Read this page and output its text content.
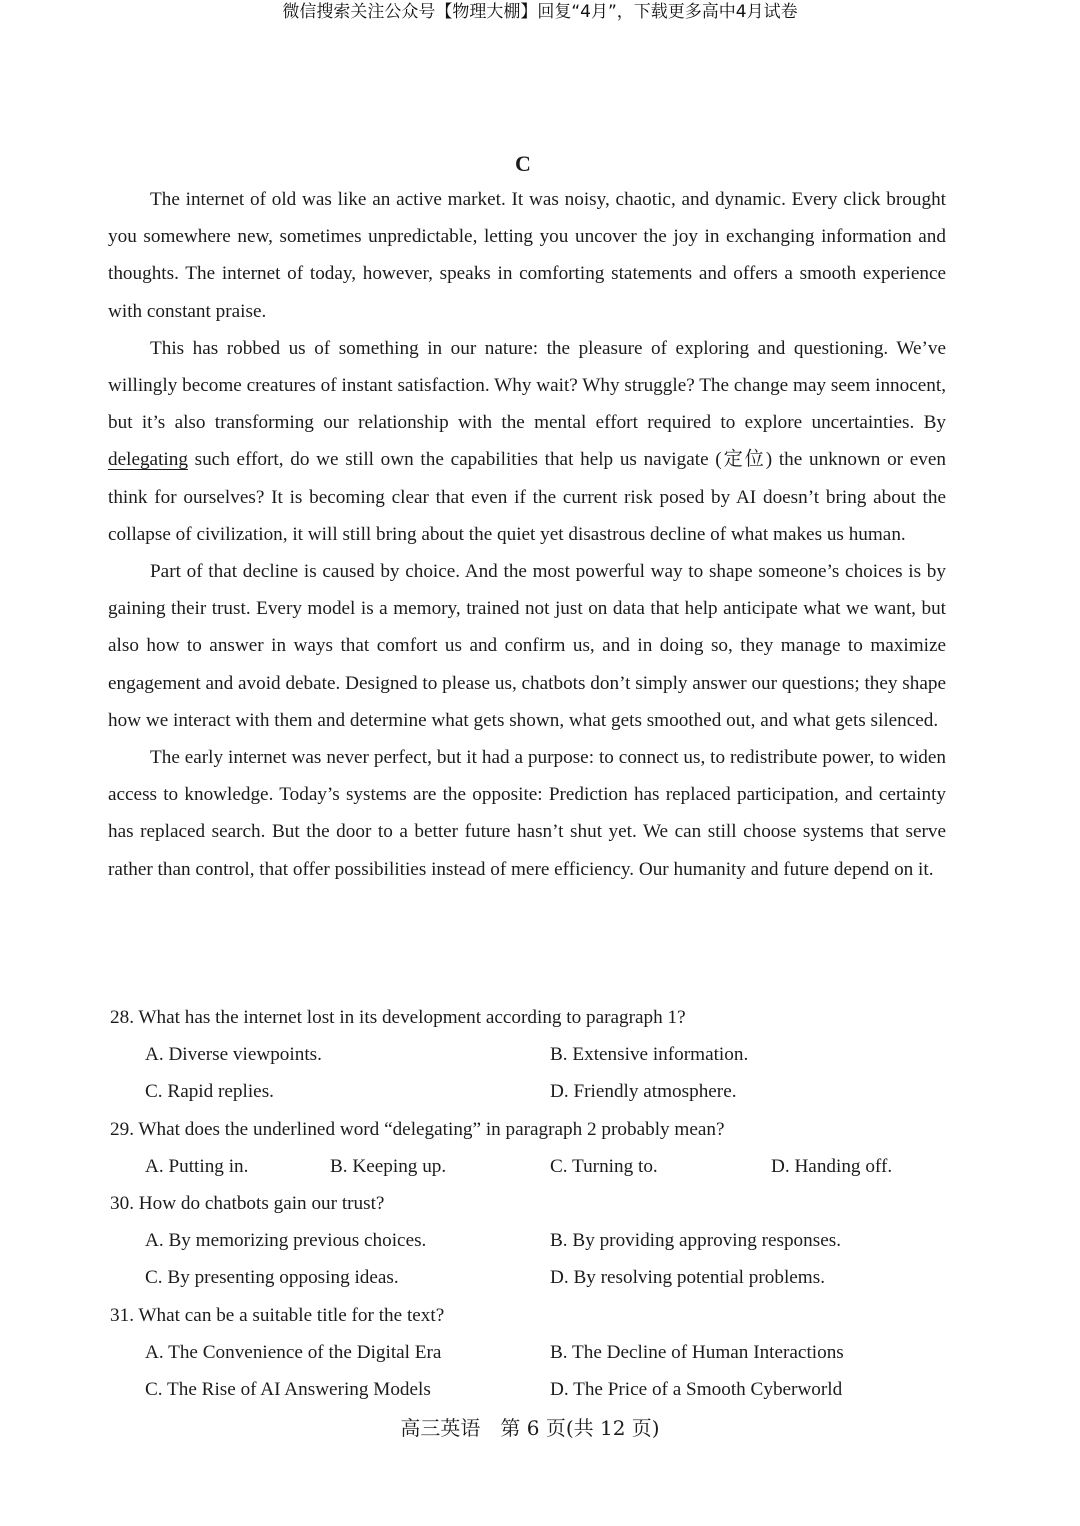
微信搜索关注公众号【物理大棚】回复“4月”，下载更多高中4月试卷
C

The internet of old was like an active market. It was noisy, chaotic, and dynamic. Every click brought you somewhere new, sometimes unpredictable, letting you uncover the joy in exchanging information and thoughts. The internet of today, however, speaks in comforting statements and offers a smooth experience with constant praise.

This has robbed us of something in our nature: the pleasure of exploring and questioning. We’ve willingly become creatures of instant satisfaction. Why wait? Why struggle? The change may seem innocent, but it’s also transforming our relationship with the mental effort required to explore uncertainties. By delegating such effort, do we still own the capabilities that help us navigate (定位) the unknown or even think for ourselves? It is becoming clear that even if the current risk posed by AI doesn’t bring about the collapse of civilization, it will still bring about the quiet yet disastrous decline of what makes us human.

Part of that decline is caused by choice. And the most powerful way to shape someone’s choices is by gaining their trust. Every model is a memory, trained not just on data that help anticipate what we want, but also how to answer in ways that comfort us and confirm us, and in doing so, they manage to maximize engagement and avoid debate. Designed to please us, chatbots don’t simply answer our questions; they shape how we interact with them and determine what gets shown, what gets smoothed out, and what gets silenced.

The early internet was never perfect, but it had a purpose: to connect us, to redistribute power, to widen access to knowledge. Today’s systems are the opposite: Prediction has replaced participation, and certainty has replaced search. But the door to a better future hasn’t shut yet. We can still choose systems that serve rather than control, that offer possibilities instead of mere efficiency. Our humanity and future depend on it.

28. What has the internet lost in its development according to paragraph 1?
A. Diverse viewpoints.	B. Extensive information.
C. Rapid replies.	D. Friendly atmosphere.
29. What does the underlined word “delegating” in paragraph 2 probably mean?
A. Putting in.	B. Keeping up.	C. Turning to.	D. Handing off.
30. How do chatbots gain our trust?
A. By memorizing previous choices.	B. By providing approving responses.
C. By presenting opposing ideas.	D. By resolving potential problems.
31. What can be a suitable title for the text?
A. The Convenience of the Digital Era	B. The Decline of Human Interactions
C. The Rise of AI Answering Models	D. The Price of a Smooth Cyberworld
高三英语　第 6 页(共 12 页)
